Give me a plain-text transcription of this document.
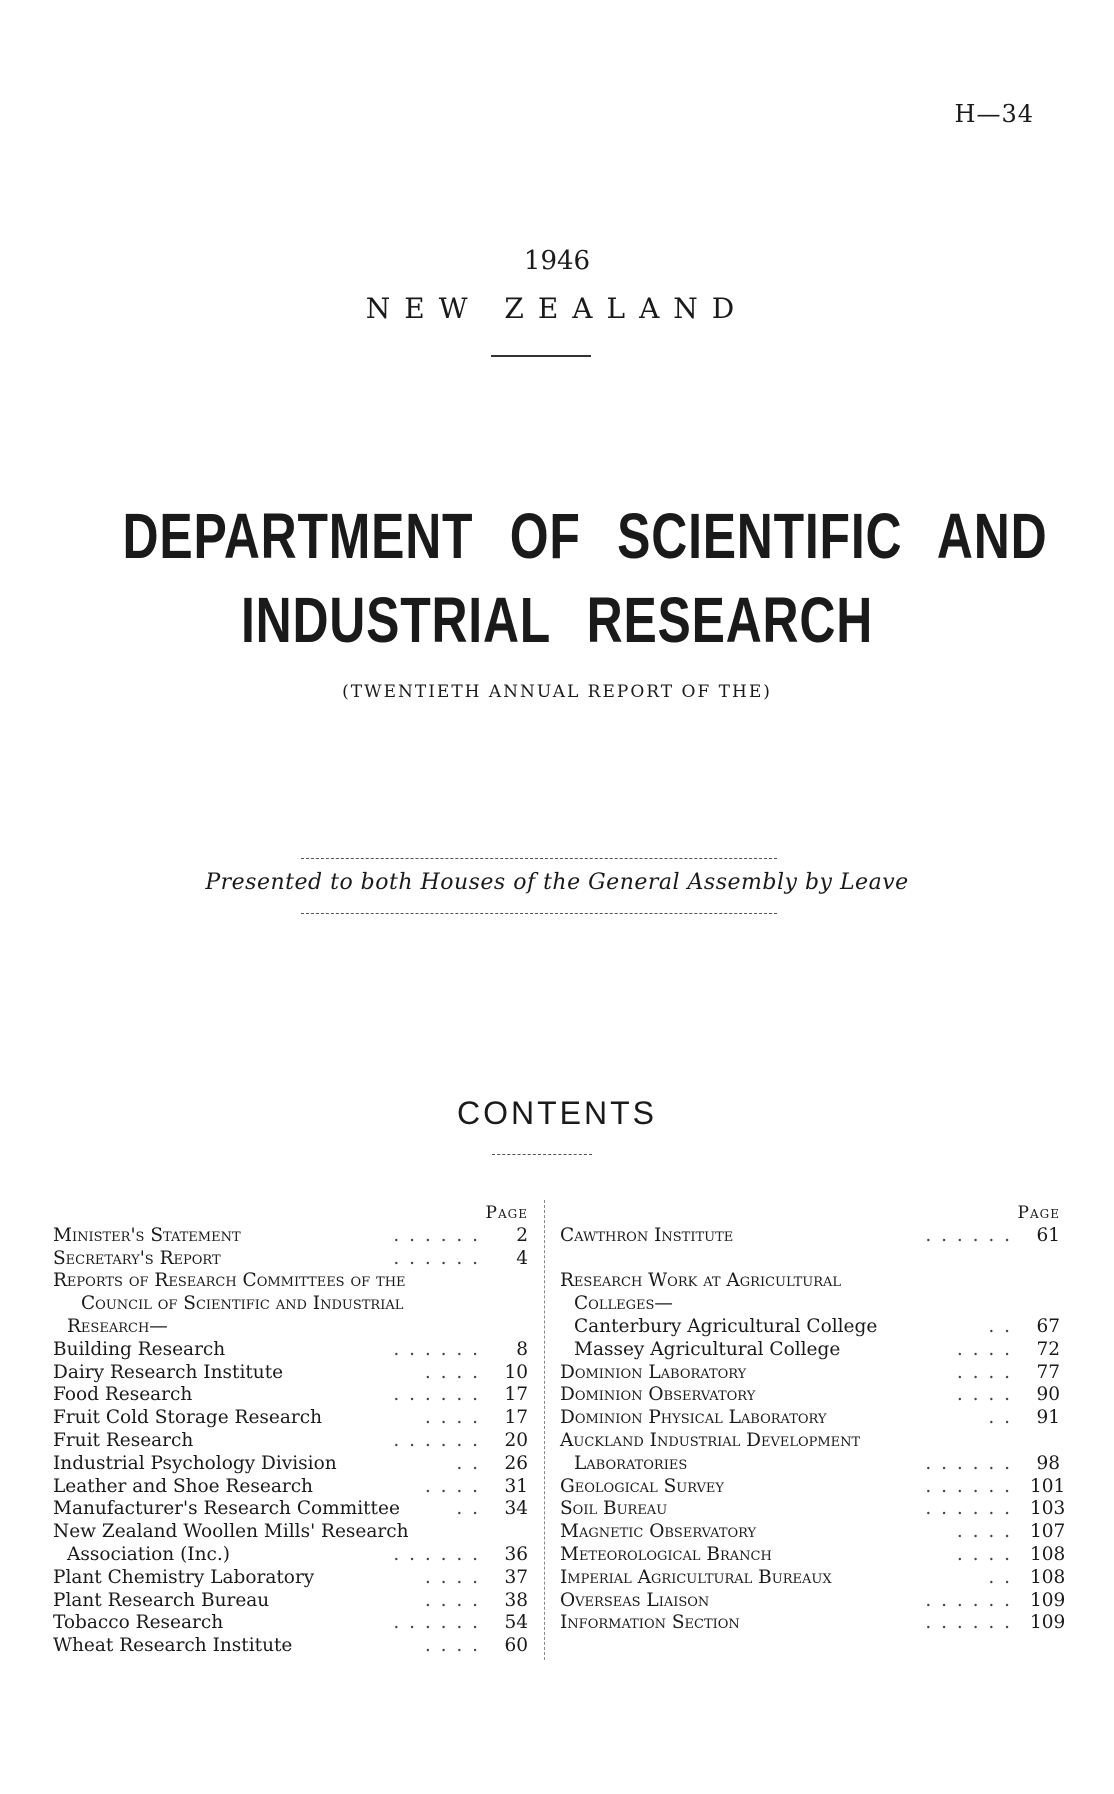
H—34
1946
NEW ZEALAND
DEPARTMENT OF SCIENTIFIC AND
INDUSTRIAL RESEARCH
(TWENTIETH ANNUAL REPORT OF THE)
Presented to both Houses of the General Assembly by Leave
CONTENTS
Page
Minister's Statement	. . . . . .	2
Secretary's Report	. . . . . .	4
Reports of Research Committees of the
Council of Scientific and Industrial
Research—
Building Research	. . . . . .	8
Dairy Research Institute	. . . .	10
Food Research	. . . . . .	17
Fruit Cold Storage Research	. . . .	17
Fruit Research	. . . . . .	20
Industrial Psychology Division	. .	26
Leather and Shoe Research	. . . .	31
Manufacturer's Research Committee	. .	34
New Zealand Woollen Mills' Research
Association (Inc.)	. . . . . .	36
Plant Chemistry Laboratory	. . . .	37
Plant Research Bureau	. . . .	38
Tobacco Research	. . . . . .	54
Wheat Research Institute	. . . .	60
Page
Cawthron Institute	. . . . . .	61
Research Work at Agricultural
Colleges—
Canterbury Agricultural College	. .	67
Massey Agricultural College	. . . .	72
Dominion Laboratory	. . . .	77
Dominion Observatory	. . . .	90
Dominion Physical Laboratory	. .	91
Auckland Industrial Development
Laboratories	. . . . . .	98
Geological Survey	. . . . . . 101
Soil Bureau	. . . . . . 103
Magnetic Observatory	. . . . 107
Meteorological Branch	. . . . 108
Imperial Agricultural Bureaux	. . 108
Overseas Liaison	. . . . . . 109
Information Section	. . . . . . 109
